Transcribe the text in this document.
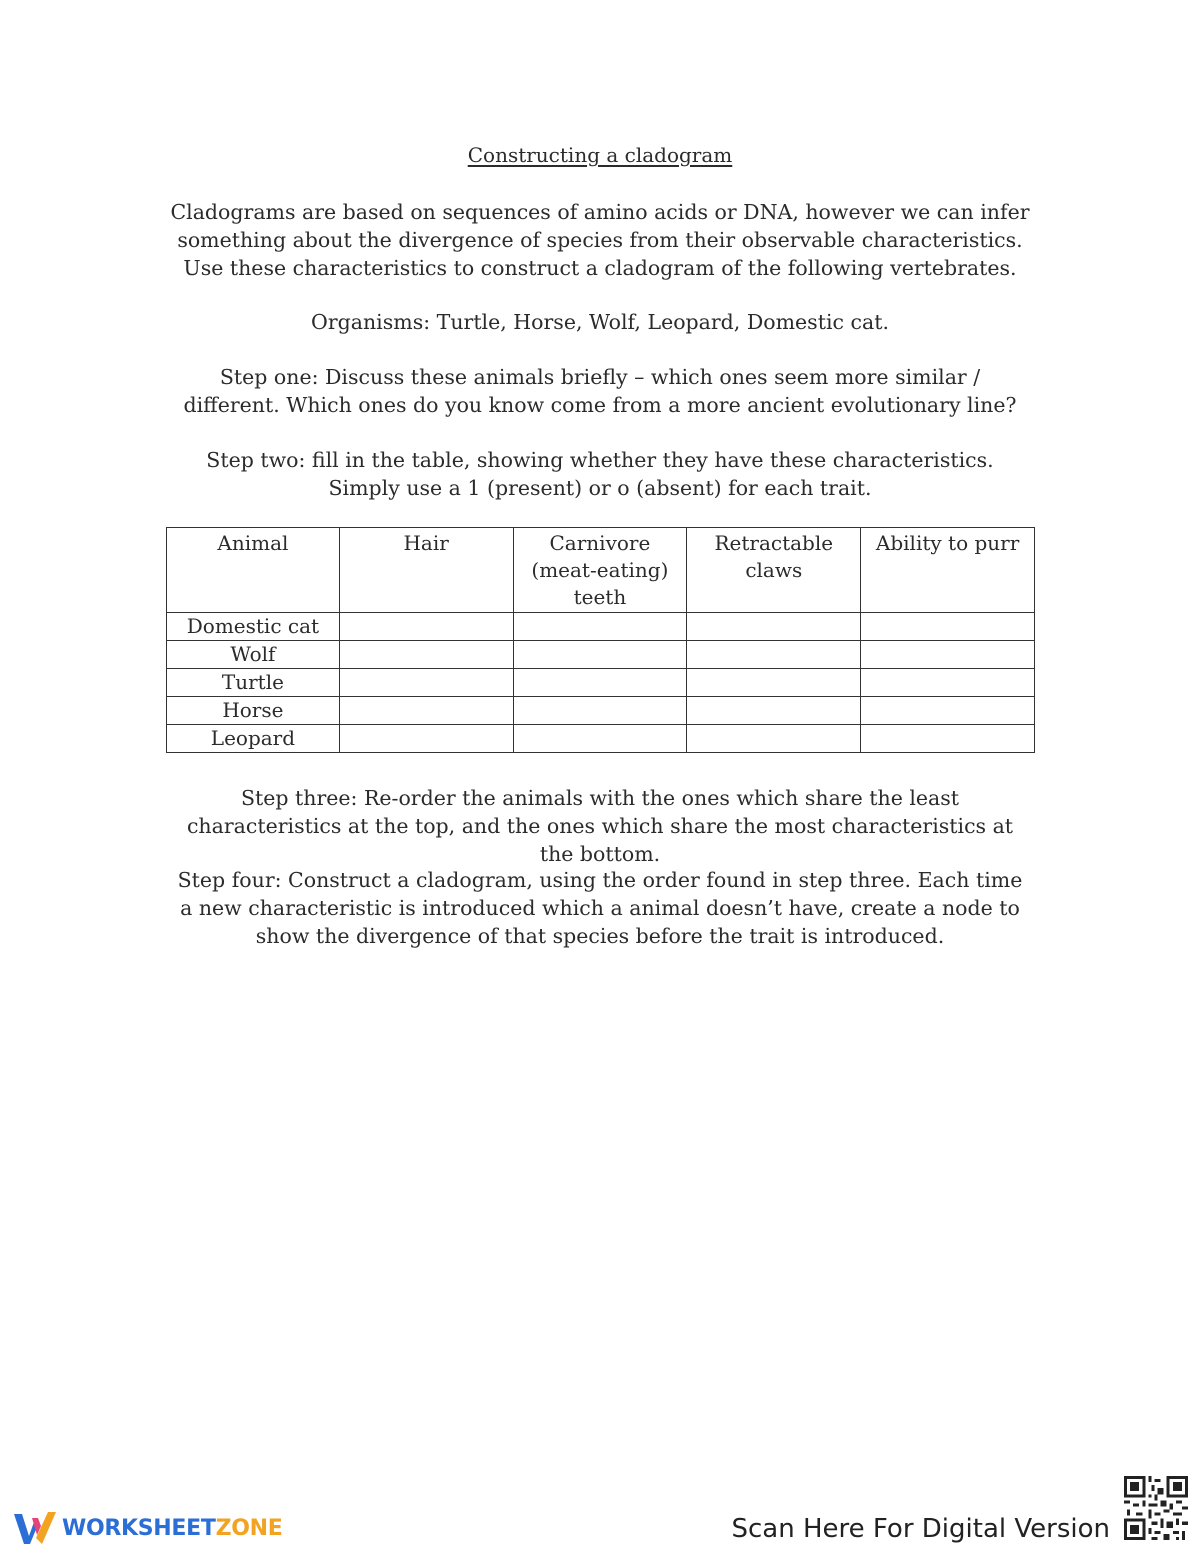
Constructing a cladogram
Cladograms are based on sequences of amino acids or DNA, however we can infer something about the divergence of species from their observable characteristics. Use these characteristics to construct a cladogram of the following vertebrates.
Organisms: Turtle, Horse, Wolf, Leopard, Domestic cat.
Step one: Discuss these animals briefly – which ones seem more similar / different. Which ones do you know come from a more ancient evolutionary line?
Step two: fill in the table, showing whether they have these characteristics. Simply use a 1 (present) or o (absent) for each trait.
Animal	Hair	Carnivore (meat-eating) teeth	Retractable claws	Ability to purr
Domestic cat				
Wolf				
Turtle				
Horse				
Leopard				
Step three: Re-order the animals with the ones which share the least characteristics at the top, and the ones which share the most characteristics at the bottom.
Step four: Construct a cladogram, using the order found in step three. Each time a new characteristic is introduced which a animal doesn’t have, create a node to show the divergence of that species before the trait is introduced.
WORKSHEETZONE	Scan Here For Digital Version
